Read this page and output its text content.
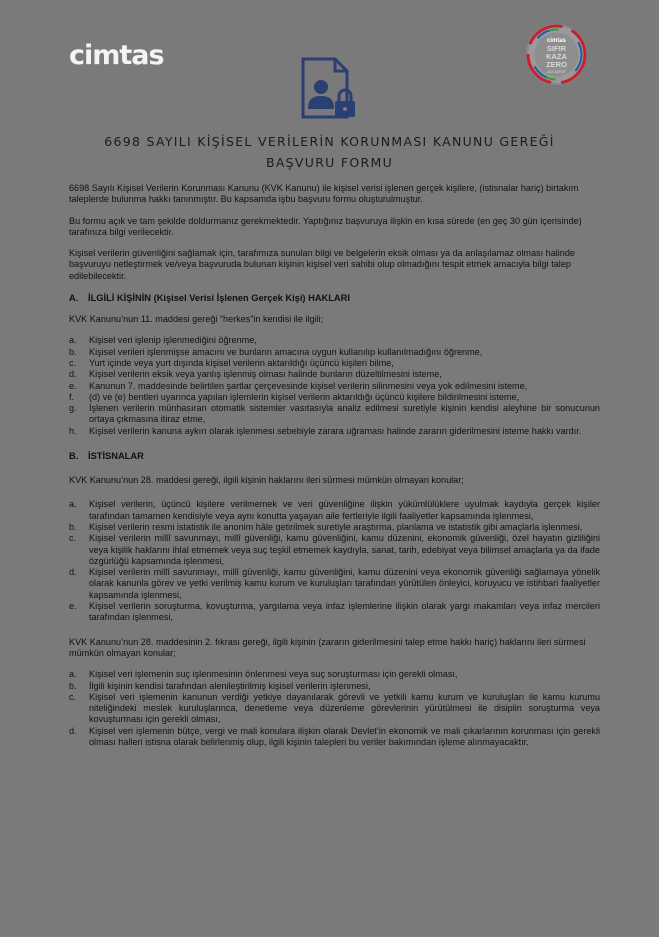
cimtas	cimtas
SIFIR
KAZA
ZERO
ACCIDENT
6698 SAYILI KİŞİSEL VERİLERİN KORUNMASI KANUNU GEREĞİ
BAŞVURU FORMU

6698 Sayılı Kişisel Verilerin Korunması Kanunu (KVK Kanunu) ile kişisel verisi işlenen gerçek kişilere, (istisnalar hariç) birtakım taleplerde bulunma hakkı tanınmıştır. Bu kapsamda işbu başvuru formu oluşturulmuştur.

Bu formu açık ve tam şekilde doldurmanız gerekmektedir. Yaptığınız başvuruya ilişkin en kısa sürede (en geç 30 gün içerisinde) tarafınıza bilgi verilecektir.

Kişisel verilerin güvenliğini sağlamak için, tarafımıza sunulan bilgi ve belgelerin eksik olması ya da anlaşılamaz olması halinde başvuruyu netleştirmek ve/veya başvuruda bulunan kişinin kişisel veri sahibi olup olmadığını tespit etmek amacıyla bilgi talep edilebilecektir.

A. İLGİLİ KİŞİNİN (Kişisel Verisi İşlenen Gerçek Kişi) HAKLARI

KVK Kanunu’nun 11. maddesi gereği “herkes”in kendisi ile ilgili;

a. Kişisel veri işlenip işlenmediğini öğrenme,
b. Kişisel verileri işlenmişse amacını ve bunların amacına uygun kullanılıp kullanılmadığını öğrenme,
c. Yurt içinde veya yurt dışında kişisel verilerin aktarıldığı üçüncü kişileri bilme,
d. Kişisel verilerin eksik veya yanlış işlenmiş olması halinde bunların düzeltilmesini isteme,
e. Kanunun 7. maddesinde belirtilen şartlar çerçevesinde kişisel verilerin silinmesini veya yok edilmesini isteme,
f. (d) ve (e) bentleri uyarınca yapılan işlemlerin kişisel verilerin aktarıldığı üçüncü kişilere bildirilmesini isteme,
g. İşlenen verilerin münhasıran otomatik sistemler vasıtasıyla analiz edilmesi suretiyle kişinin kendisi aleyhine bir sonucunun ortaya çıkmasına itiraz etme,
h. Kişisel verilerin kanuna aykırı olarak işlenmesi sebebiyle zarara uğraması halinde zararın giderilmesini isteme hakkı vardır.
B. İSTİSNALAR

KVK Kanunu’nun 28. maddesi gereği, ilgili kişinin haklarını ileri sürmesi mümkün olmayan konular;

a. Kişisel verilerin, üçüncü kişilere verilmemek ve veri güvenliğine ilişkin yükümlülüklere uyulmak kaydıyla gerçek kişiler tarafından tamamen kendisiyle veya aynı konutta yaşayan aile fertleriyle ilgili faaliyetler kapsamında işlenmesi,
b. Kişisel verilerin resmi istatistik ile anonim hâle getirilmek suretiyle araştırma, planlama ve istatistik gibi amaçlarla işlenmesi,
c. Kişisel verilerin millî savunmayı, millî güvenliği, kamu güvenliğini, kamu düzenini, ekonomik güvenliği, özel hayatın gizliliğini veya kişilik haklarını ihlal etmemek veya suç teşkil etmemek kaydıyla, sanat, tarih, edebiyat veya bilimsel amaçlarla ya da ifade özgürlüğü kapsamında işlenmesi,
d. Kişisel verilerin millî savunmayı, millî güvenliği, kamu güvenliğini, kamu düzenini veya ekonomik güvenliği sağlamaya yönelik olarak kanunla görev ve yetki verilmiş kamu kurum ve kuruluşları tarafından yürütülen önleyici, koruyucu ve istihbari faaliyetler kapsamında işlenmesi,
e. Kişisel verilerin soruşturma, kovuşturma, yargılama veya infaz işlemlerine ilişkin olarak yargı makamları veya infaz mercileri tarafından işlenmesi,

KVK Kanunu’nun 28. maddesinin 2. fıkrası gereği, ilgili kişinin (zararın giderilmesini talep etme hakkı hariç) haklarını ileri sürmesi mümkün olmayan konular;

a. Kişisel veri işlemenin suç işlenmesinin önlenmesi veya suç soruşturması için gerekli olması,
b. İlgili kişinin kendisi tarafından alenileştirilmiş kişisel verilerin işlenmesi,
c. Kişisel veri işlemenin kanunun verdiği yetkiye dayanılarak görevli ve yetkili kamu kurum ve kuruluşları ile kamu kurumu niteliğindeki meslek kuruluşlarınca, denetleme veya düzenleme görevlerinin yürütülmesi ile disiplin soruşturma veya kovuşturması için gerekli olması,
d. Kişisel veri işlemenin bütçe, vergi ve mali konulara ilişkin olarak Devlet’in ekonomik ve mali çıkarlarının korunması için gerekli olması halleri istisna olarak belirlenmiş olup, ilgili kişinin talepleri bu veriler bakımından işleme alınmayacaktır.
